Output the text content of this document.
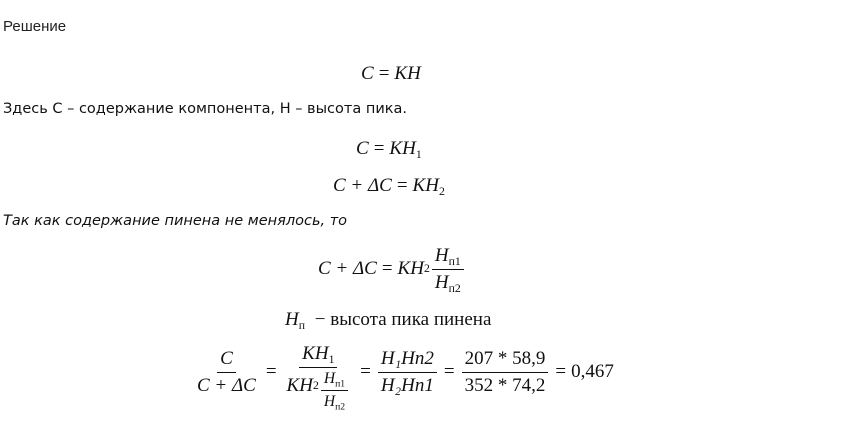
Решение
C = KH
Здесь С – содержание компонента, Н – высота пика.
$C = KH_1$
$C + \Delta C = KH_2$
Так как содержание пинена не менялось, то
C + ΔC = KH $2 \frac{H_{п1}}{H_{п2}}$
$H_п$ − высота пика пинена
$\frac{C}{C + \Delta C} = \frac{KH_1}{KH 2 \frac{H_{п1}}{H_{п2}}} = \frac{\text{H₁Hп2}}{\text{H₂Hп1}} = \frac{207 * 58,9}{352 * 74,2} = 0,467$
